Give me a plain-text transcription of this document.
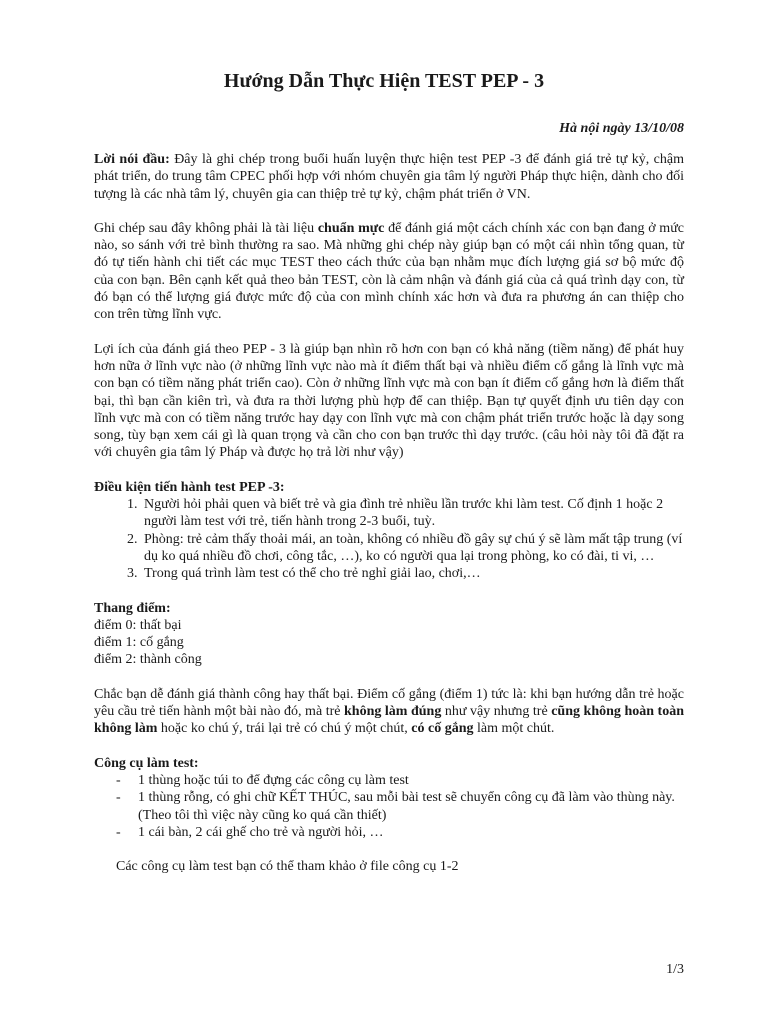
Hướng Dẫn Thực Hiện TEST PEP - 3
Hà nội ngày 13/10/08

Lời nói đầu: Đây là ghi chép trong buổi huấn luyện thực hiện test PEP -3 để đánh giá trẻ tự kỷ, chậm phát triển, do trung tâm CPEC phối hợp với nhóm chuyên gia tâm lý người Pháp thực hiện, dành cho đối tượng là các nhà tâm lý, chuyên gia can thiệp trẻ tự kỷ, chậm phát triển ở VN.

Ghi chép sau đây không phải là tài liệu chuẩn mực để đánh giá một cách chính xác con bạn đang ở mức nào, so sánh với trẻ bình thường ra sao. Mà những ghi chép này giúp bạn có một cái nhìn tổng quan, từ đó tự tiến hành chi tiết các mục TEST theo cách thức của bạn nhằm mục đích lượng giá sơ bộ mức độ của con bạn. Bên cạnh kết quả theo bản TEST, còn là cảm nhận và đánh giá của cả quá trình dạy con, từ đó bạn có thể lượng giá được mức độ của con mình chính xác hơn và đưa ra phương án can thiệp cho con trên từng lĩnh vực.

Lợi ích của đánh giá theo PEP - 3 là giúp bạn nhìn rõ hơn con bạn có khả năng (tiềm năng) để phát huy hơn nữa ở lĩnh vực nào (ở những lĩnh vực nào mà ít điểm thất bại và nhiều điểm cố gắng là lĩnh vực mà con bạn có tiềm năng phát triển cao). Còn ở những lĩnh vực mà con bạn ít điểm cố gắng hơn là điểm thất bại, thì bạn cần kiên trì, và đưa ra thời lượng phù hợp để can thiệp. Bạn tự quyết định ưu tiên dạy con lĩnh vực mà con có tiềm năng trước hay dạy con lĩnh vực mà con chậm phát triển trước hoặc là dạy song song, tùy bạn xem cái gì là quan trọng và cần cho con bạn trước thì dạy trước. (câu hỏi này tôi đã đặt ra với chuyên gia tâm lý Pháp và được họ trả lời như vậy)

Điều kiện tiến hành test PEP -3:
1. Người hỏi phải quen và biết trẻ và gia đình trẻ nhiều lần trước khi làm test. Cố định 1 hoặc 2 người làm test với trẻ, tiến hành trong 2-3 buổi, tuỳ.
2. Phòng: trẻ cảm thấy thoải mái, an toàn, không có nhiều đồ gây sự chú ý sẽ làm mất tập trung (ví dụ ko quá nhiều đồ chơi, công tắc, …), ko có người qua lại trong phòng, ko có đài, ti vi, …
3. Trong quá trình làm test có thể cho trẻ nghỉ giải lao, chơi,…
Thang điểm:
điểm 0: thất bại
điểm 1: cố gắng
điểm 2: thành công

Chắc bạn dễ đánh giá thành công hay thất bại. Điểm cố gắng (điểm 1) tức là: khi bạn hướng dẫn trẻ hoặc yêu cầu trẻ tiến hành một bài nào đó, mà trẻ không làm đúng như vậy nhưng trẻ cũng không hoàn toàn không làm hoặc ko chú ý, trái lại trẻ có chú ý một chút, có cố gắng làm một chút.

Công cụ làm test:
- 1 thùng hoặc túi to để đựng các công cụ làm test
- 1 thùng rỗng, có ghi chữ KẾT THÚC, sau mỗi bài test sẽ chuyển công cụ đã làm vào thùng này. (Theo tôi thì việc này cũng ko quá cần thiết)
- 1 cái bàn, 2 cái ghế cho trẻ và người hỏi, …
Các công cụ làm test bạn có thể tham khảo ở file công cụ 1-2
1/3
